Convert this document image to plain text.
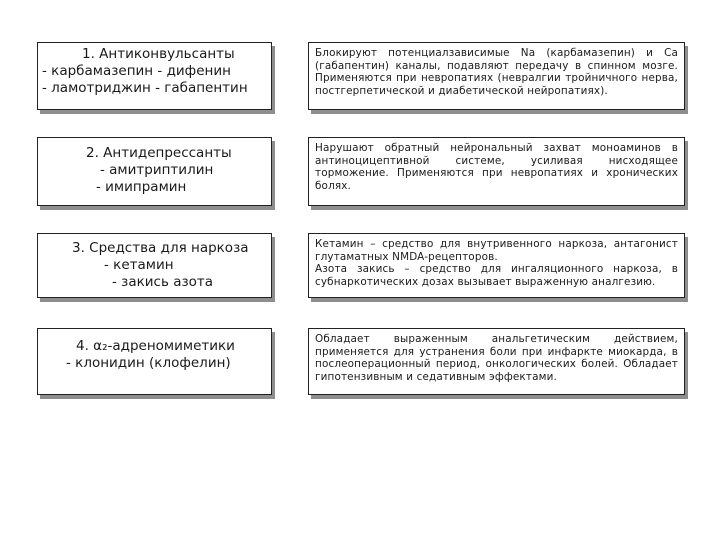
1. Антиконвульсанты
- карбамазепин - дифенин
- ламотриджин - габапентин
Блокируют потенциалзависимые Na (карбамазепин) и Ca (габапентин) каналы, подавляют передачу в спинном мозге. Применяются при невропатиях (невралгии тройничного нерва, постгерпетической и диабетической нейропатиях).
2. Антидепрессанты
- амитриптилин
- имипрамин
Нарушают обратный нейрональный захват моноаминов в антиноцицептивной системе, усиливая нисходящее торможение. Применяются при невропатиях и хронических болях.
3. Средства для наркоза
- кетамин
- закись азота
Кетамин – средство для внутривенного наркоза, антагонист глутаматных NMDA-рецепторов.
Азота закись – средство для ингаляционного наркоза, в субнаркотических дозах вызывает выраженную аналгезию.
4. α₂-адреномиметики
- клонидин (клофелин)
Обладает выраженным анальгетическим действием, применяется для устранения боли при инфаркте миокарда, в послеоперационный период, онкологических болей. Обладает гипотензивным и седативным эффектами.
